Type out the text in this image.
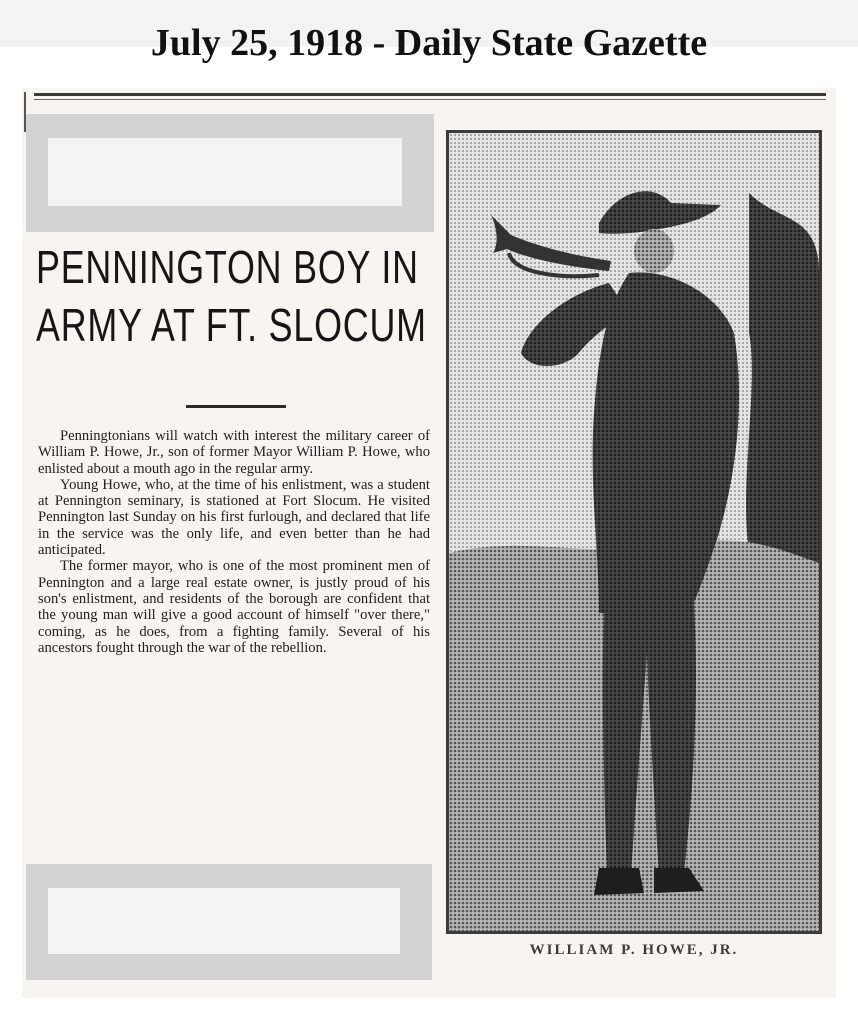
July 25, 1918 - Daily State Gazette
PENNINGTON BOY IN
ARMY AT FT. SLOCUM

Penningtonians will watch with interest the military career of William P. Howe, Jr., son of former Mayor William P. Howe, who enlisted about a mouth ago in the regular army.

Young Howe, who, at the time of his enlistment, was a student at Pennington seminary, is stationed at Fort Slocum. He visited Pennington last Sunday on his first furlough, and declared that life in the service was the only life, and even better than he had anticipated.

The former mayor, who is one of the most prominent men of Pennington and a large real estate owner, is justly proud of his son's enlistment, and residents of the borough are confident that the young man will give a good account of himself "over there," coming, as he does, from a fighting family. Several of his ancestors fought through the war of the rebellion.

WILLIAM P. HOWE, JR.
